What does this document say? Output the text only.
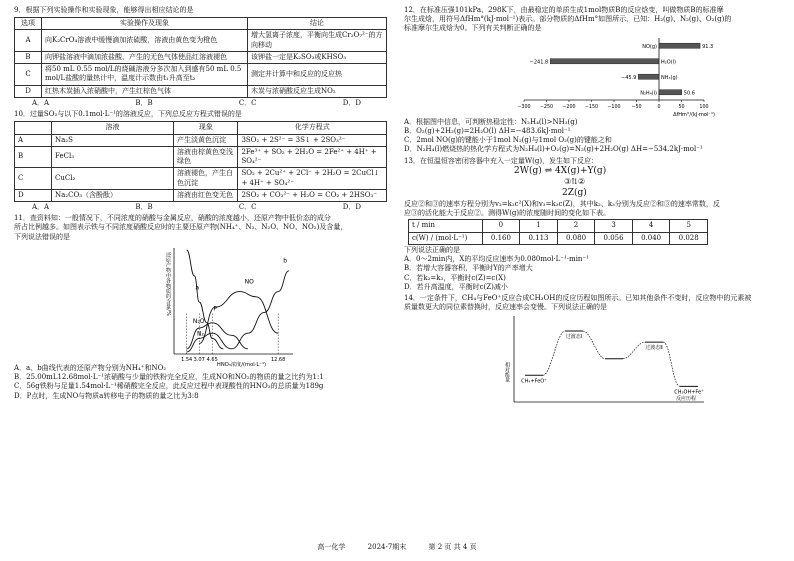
9．根据下列实验操作和实验现象，能够得出相应结论的是

选项	实验操作及现象	结论
A	向K₂CrO₄溶液中缓慢滴加浓硫酸，溶液由黄色变为橙色	增大氢离子浓度，平衡向生成Cr₂O₇²⁻的方向移动
B	向钾盐溶液中滴加浓盐酸，产生的无色气体使品红溶液褪色	该钾盐一定是K₂SO₃或KHSO₃
C	将50 mL 0.55 mol/L的烧碱溶液分多次加入到盛有50 mL 0.5 mol/L盐酸的量热计中，温度计示数由t₁升高至t₂	测定并计算中和反应的反应热
D	红热木炭插入浓硝酸中，产生红棕色气体	木炭与浓硝酸反应生成NO₂
A．A	B．B	C．C	D．D

10．过量SO₂与以下0.1mol·L⁻¹的溶液反应，下列总反应方程式错误的是

	溶液	现象	化学方程式
A	Na₂S	产生淡黄色沉淀	3SO₂ + 2S²⁻ = 3S↓ + 2SO₃²⁻
B	FeCl₃	溶液由棕黄色变浅绿色	2Fe³⁺ + SO₂ + 2H₂O = 2Fe²⁺ + 4H⁺ + SO₄²⁻
C	CuCl₂	溶液褪色，产生白色沉淀	SO₂ + 2Cu²⁺ + 2Cl⁻ + 2H₂O = 2CuCl↓ + 4H⁺ + SO₄²⁻
D	Na₂CO₃（含酚酞）	溶液由红色变无色	2SO₂ + CO₃²⁻ + H₂O = CO₂ + 2HSO₃⁻
A．A	B．B	C．C	D．D

11．查资料知：一般情况下，不同浓度的硝酸与金属反应，硝酸的浓度越小，还原产物中低价态的成分

所占比例越多。如图表示铁与不同浓度硝酸反应时的主要还原产物(NH₄⁺、N₂、N₂O、NO、NO₂)及含量，

下列说法错误的是

1.54 3.07 4.65	12.68
HNO₃浓度/(mol·L⁻¹)
还原产物中各物质的含量/%	a
b
NO
P
N₂O
N₂

A．a、b曲线代表的还原产物分别为NH₄⁺和NO₂

B．25.00mL12.68mol·L⁻¹浓硝酸与少量的铁粉完全反应，生成NO和NO₂的物质的量之比约为1:1

C．56g铁粉与足量1.54mol·L⁻¹稀硝酸完全反应，此反应过程中表现酸性的HNO₃的总质量为189g

D．P点时，生成NO与物质a转移电子的物质的量之比为3:8

12．在标准压强101kPa、298K下，由最稳定的单质生成1mol物质B的反应焓变，叫做物质B的标准摩

尔生成焓，用符号ΔfHm°(kJ·mol⁻¹)表示。部分物质的ΔfHm°如图所示，已知：H₂(g)、N₂(g)、O₂(g)的

标准摩尔生成焓为0。下列有关判断正确的是

−300 −250 −200 −150 −100 −50	0	50	100
ΔfHm°/(kJ·mol⁻¹)
NO(g)	91.3
H₂O(l)
−241.8
NH₃(g)
−45.9
N₂H₄(l)	50.6

A．根据图中信息，可判断热稳定性：N₂H₄(l)>NH₃(g)

B．O₂(g)+2H₂(g)=2H₂O(l) ΔH=−483.6kJ·mol⁻¹

C．2mol NO(g)的键能小于1mol N₂(g)与1mol O₂(g)的键能之和

D．N₂H₄(l)燃烧热的热化学方程式为N₂H₄(l)+O₂(g)=N₂(g)+2H₂O(g) ΔH=−534.2kJ·mol⁻¹

13．在恒温恒容密闭容器中充入一定量W(g)，发生如下反应：

2W(g) ⇌ 4X(g)+Y(g)
③⇅②
2Z(g)

反应②和③的速率方程分别为v₂=k₂c²(X)和v₃=k₃c(Z)，其中k₂、k₃分别为反应②和③的速率常数，反

应③的活化能大于反应②。测得W(g)的浓度随时间的变化如下表。

t / min	0	1	2	3	4	5
c(W) / (mol·L⁻¹)	0.160	0.113	0.080	0.056	0.040	0.028

下列说法正确的是

A．0～2min内，X的平均反应速率为0.080mol·L⁻¹·min⁻¹

B．若增大容器容积，平衡时Y的产率增大

C．若k₂=k₃，平衡时c(Z)=c(X)

D．若升高温度，平衡时c(Z)减小

14．一定条件下，CH₄与FeO⁺反应合成CH₃OH的反应历程如图所示。已知其他条件不变时，反应物中的元素被

质量数更大的同位素替换时，反应速率会变慢。下列说法正确的是

反应历程
相对能量 CH₄+FeO⁺
过渡态Ⅰ
过渡态Ⅱ
CH₃OH+Fe⁺
高一化学	2024-7期末	第 2 页 共 4 页
